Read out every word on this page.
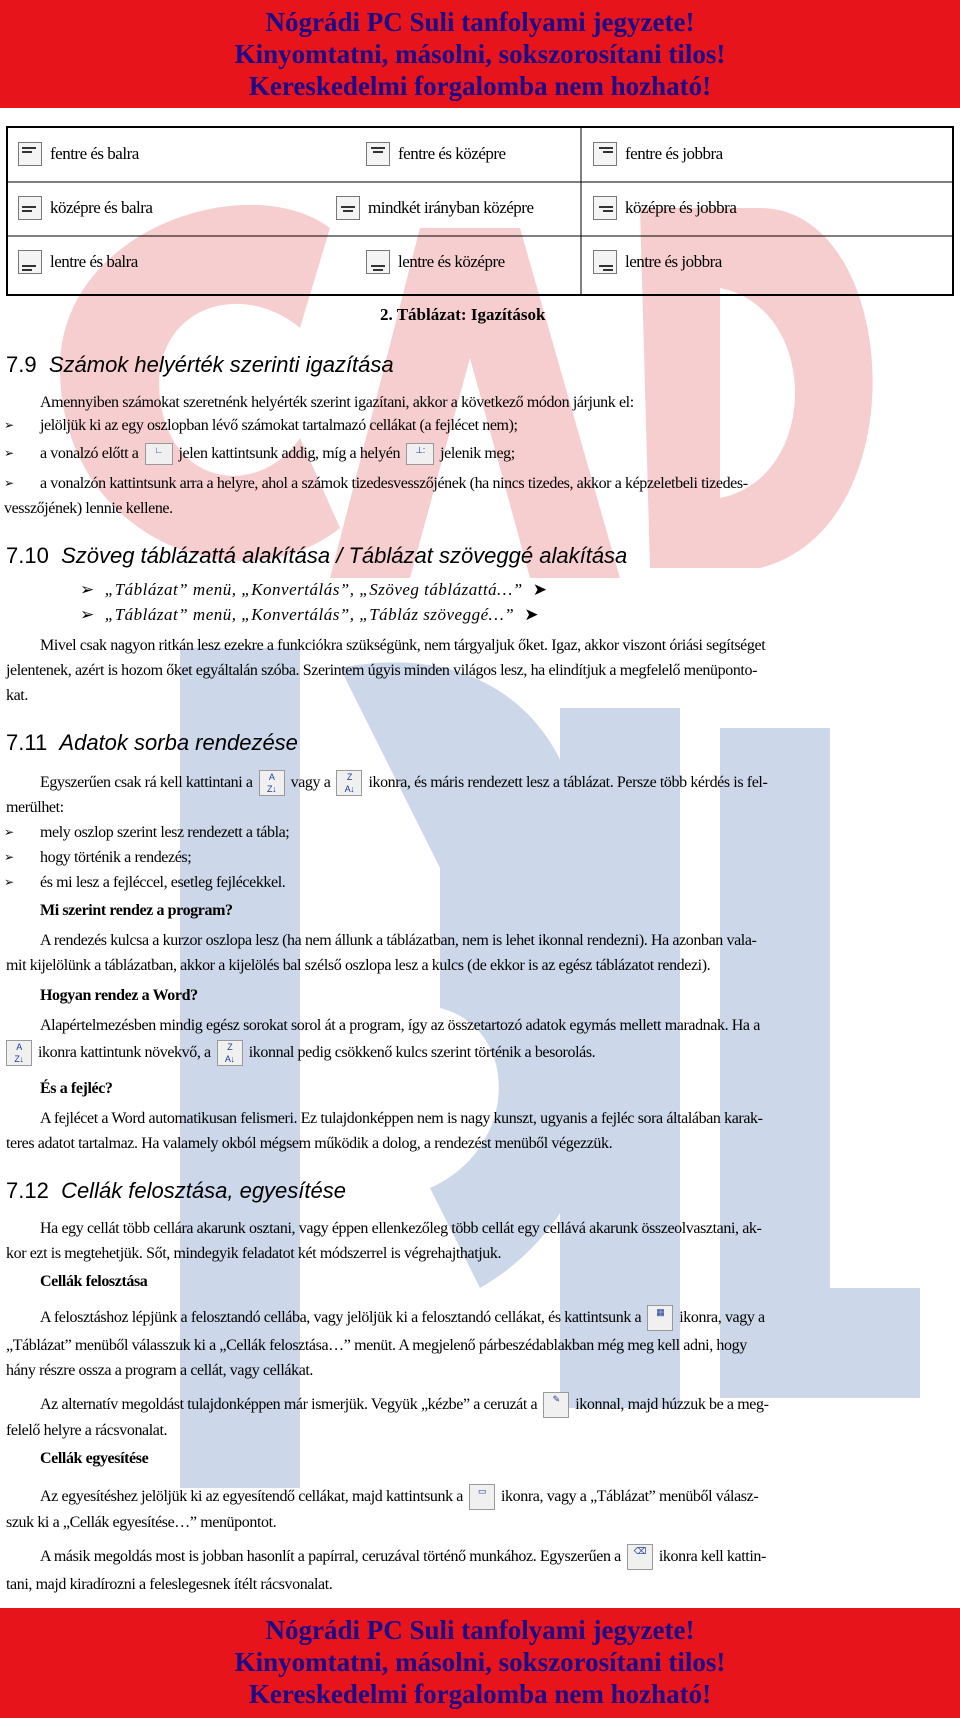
Nógrádi PC Suli tanfolyami jegyzete!
Kinyomtatni, másolni, sokszorosítani tilos!
Kereskedelmi forgalomba nem hozható!
fentre és balra	fentre és középre	fentre és jobbra
középre és balra	mindkét irányban középre	középre és jobbra
lentre és balra	lentre és középre	lentre és jobbra
2. Táblázat: Igazítások
7.9 Számok helyérték szerinti igazítása
Amennyiben számokat szeretnénk helyérték szerint igazítani, akkor a következő módon járjunk el:
➢ jelöljük ki az egy oszlopban lévő számokat tartalmazó cellákat (a fejlécet nem);
➢ a vonalzó előtt a ∟ jelen kattintsunk addig, míg a helyén ⊥: jelenik meg;
➢ a vonalzón kattintsunk arra a helyre, ahol a számok tizedesvesszőjének (ha nincs tizedes, akkor a képzeletbeli tizedes-
vesszőjének) lennie kellene.
7.10 Szöveg táblázattá alakítása / Táblázat szöveggé alakítása
➢ „Táblázat” menü, „Konvertálás”, „Szöveg táblázattá…” ➤
➢ „Táblázat” menü, „Konvertálás”, „Tábláz szöveggé…” ➤
Mivel csak nagyon ritkán lesz ezekre a funkciókra szükségünk, nem tárgyaljuk őket. Igaz, akkor viszont óriási segítséget
jelentenek, azért is hozom őket egyáltalán szóba. Szerintem úgyis minden világos lesz, ha elindítjuk a megfelelő menüponto-
kat.
7.11 Adatok sorba rendezése
Egyszerűen csak rá kell kattintani a A
Z↓ vagy a Z
A↓ ikonra, és máris rendezett lesz a táblázat. Persze több kérdés is fel-
merülhet:
➢ mely oszlop szerint lesz rendezett a tábla;
➢ hogy történik a rendezés;
➢ és mi lesz a fejléccel, esetleg fejlécekkel.
Mi szerint rendez a program?
A rendezés kulcsa a kurzor oszlopa lesz (ha nem állunk a táblázatban, nem is lehet ikonnal rendezni). Ha azonban vala-
mit kijelölünk a táblázatban, akkor a kijelölés bal szélső oszlopa lesz a kulcs (de ekkor is az egész táblázatot rendezi).
Hogyan rendez a Word?
Alapértelmezésben mindig egész sorokat sorol át a program, így az összetartozó adatok egymás mellett maradnak. Ha a
A
Z↓ ikonra kattintunk növekvő, a Z
A↓ ikonnal pedig csökkenő kulcs szerint történik a besorolás.
És a fejléc?
A fejlécet a Word automatikusan felismeri. Ez tulajdonképpen nem is nagy kunszt, ugyanis a fejléc sora általában karak-
teres adatot tartalmaz. Ha valamely okból mégsem működik a dolog, a rendezést menüből végezzük.
7.12 Cellák felosztása, egyesítése
Ha egy cellát több cellára akarunk osztani, vagy éppen ellenkezőleg több cellát egy cellává akarunk összeolvasztani, ak-
kor ezt is megtehetjük. Sőt, mindegyik feladatot két módszerrel is végrehajthatjuk.
Cellák felosztása
A felosztáshoz lépjünk a felosztandó cellába, vagy jelöljük ki a felosztandó cellákat, és kattintsunk a ▦ ikonra, vagy a
„Táblázat” menüből válasszuk ki a „Cellák felosztása…” menüt. A megjelenő párbeszédablakban még meg kell adni, hogy
hány részre ossza a program a cellát, vagy cellákat.
Az alternatív megoldást tulajdonképpen már ismerjük. Vegyük „kézbe” a ceruzát a ✎ ikonnal, majd húzzuk be a meg-
felelő helyre a rácsvonalat.
Cellák egyesítése
Az egyesítéshez jelöljük ki az egyesítendő cellákat, majd kattintsunk a ▭ ikonra, vagy a „Táblázat” menüből válasz-
szuk ki a „Cellák egyesítése…” menüpontot.
A másik megoldás most is jobban hasonlít a papírral, ceruzával történő munkához. Egyszerűen a ⌫ ikonra kell kattin-
tani, majd kiradírozni a feleslegesnek ítélt rácsvonalat.
Nógrádi PC Suli tanfolyami jegyzete!
Kinyomtatni, másolni, sokszorosítani tilos!
Kereskedelmi forgalomba nem hozható!
